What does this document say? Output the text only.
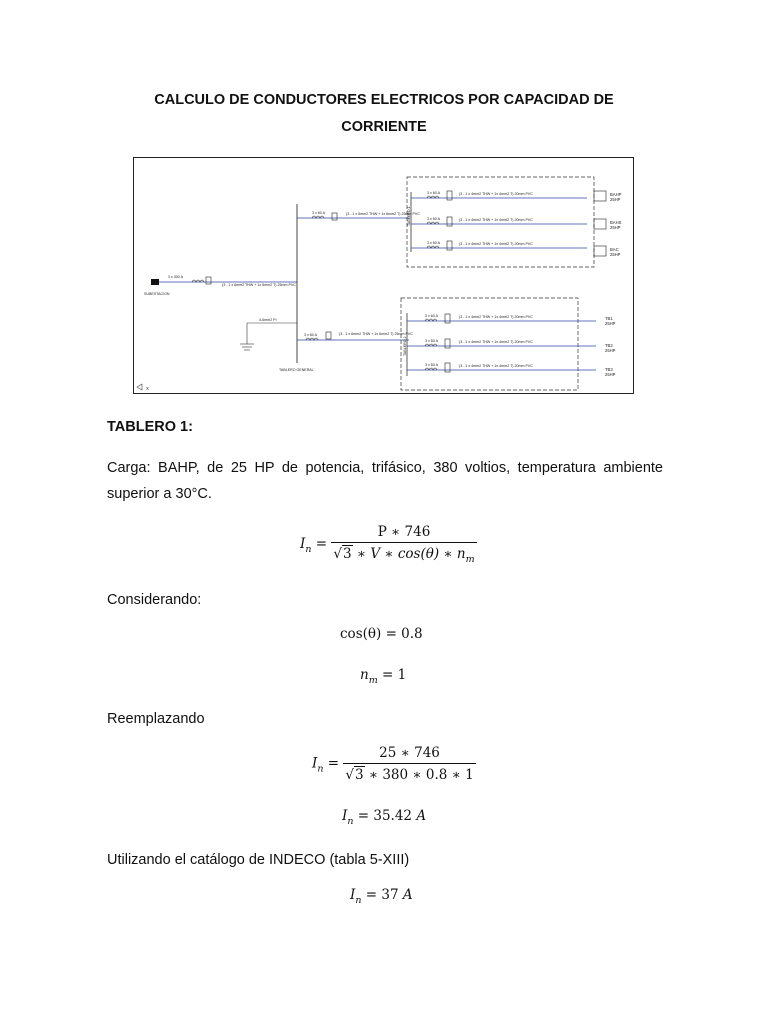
CALCULO DE CONDUCTORES ELECTRICOS POR CAPACIDAD DE
CORRIENTE
SUBESTACION
3 x 300 A
(3 - 1 x 6mm2 THW + 1x 6mm2 T) 25mm PVC
TABLERO GENERAL
4-6mm2 Pi
3 x 60 A	(3 - 1 x 6mm2 THW + 1x 6mm2 T) 25mm PVC
3 x 60 A	(3 - 1 x 6mm2 THW + 1x 6mm2 T) 25mm PVC
TABLERO 1
3 x 60 A	(3 - 1 x 4mm2 THW + 1x 4mm2 T) 20mm PVC	BAHP
25HP
3 x 60 A	(3 - 1 x 4mm2 THW + 1x 4mm2 T) 20mm PVC	BAHS
25HP
3 x 60 A	(3 - 1 x 4mm2 THW + 1x 4mm2 T) 20mm PVC
BAC
25HP
TABLERO 2
3 x 60 A	(3 - 1 x 4mm2 THW + 1x 4mm2 T) 20mm PVC	TB1
25HP
3 x 60 A	(3 - 1 x 4mm2 THW + 1x 4mm2 T) 20mm PVC
TB2
25HP
3 x 60 A	(3 - 1 x 4mm2 THW + 1x 4mm2 T) 20mm PVC
TB3
25HP
X
TABLERO 1:
Carga: BAHP, de 25 HP de potencia, trifásico, 380 voltios, temperatura ambiente superior a 30°C.
$I_n = \frac{P ∗ 746}{√3 ∗ V ∗ \cos(\theta) ∗ n_m}$
Considerando:
cos(θ) = 0.8
$n_m = 1$
Reemplazando
$I_n = \frac{25 ∗ 746}{√3 ∗ 380 ∗ 0.8 ∗ 1}$
$I_n = 35.42$ A
Utilizando el catálogo de INDECO (tabla 5-XIII)
$I_n = 37$ A
